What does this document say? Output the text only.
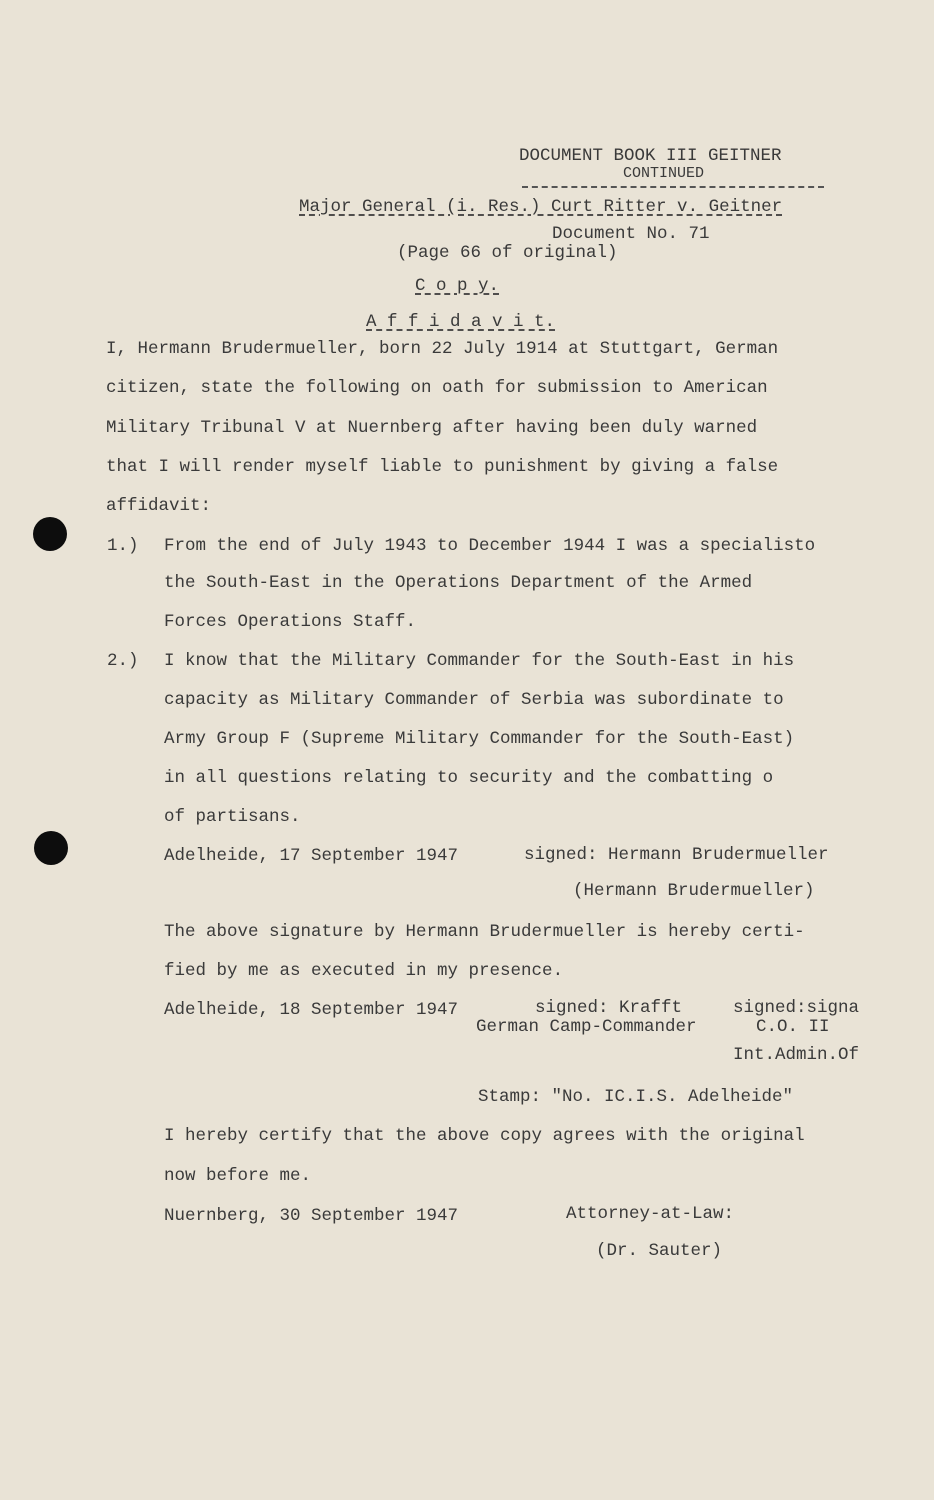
DOCUMENT BOOK III GEITNER
CONTINUED
Major General (i. Res.) Curt Ritter v. Geitner
Document No. 71
(Page 66 of original)
C o p y.
A f f i d a v i t.
I, Hermann Brudermueller, born 22 July 1914 at Stuttgart, German
citizen, state the following on oath for submission to American
Military Tribunal V at Nuernberg after having been duly warned
that I will render myself liable to punishment by giving a false
affidavit:
1.) From the end of July 1943 to December 1944 I was a specialisto
the South-East in the Operations Department of the Armed
Forces Operations Staff.
2.) I know that the Military Commander for the South-East in his
capacity as Military Commander of Serbia was subordinate to
Army Group F (Supreme Military Commander for the South-East)
in all questions relating to security and the combatting o
of partisans.
Adelheide, 17 September 1947	signed: Hermann Brudermueller
(Hermann Brudermueller)
The above signature by Hermann Brudermueller is hereby certi-
fied by me as executed in my presence.
Adelheide, 18 September 1947	signed: Krafft
German Camp-Commander
signed:signa
C.O. II
Int.Admin.Of
Stamp: "No. IC.I.S. Adelheide"
I hereby certify that the above copy agrees with the original
now before me.
Nuernberg, 30 September 1947	Attorney-at-Law:
(Dr. Sauter)
